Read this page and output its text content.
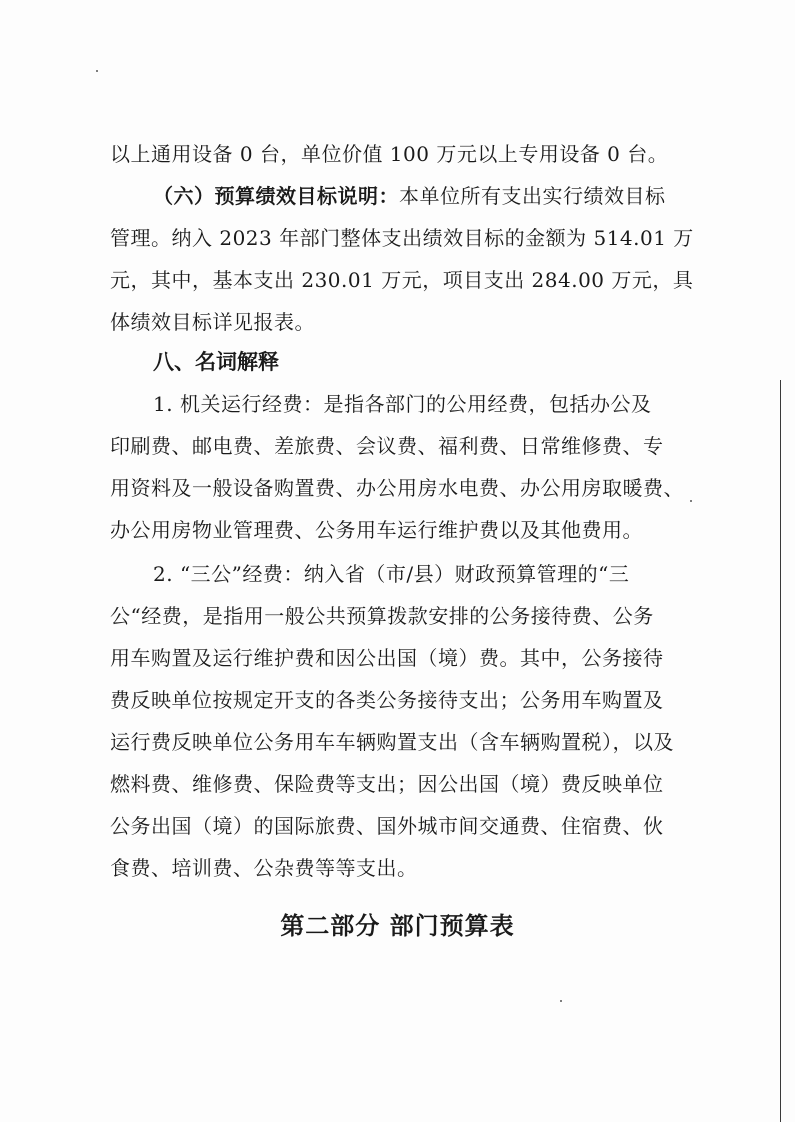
以上通用设备 0 台，单位价值 100 万元以上专用设备 0 台。
（六）预算绩效目标说明：本单位所有支出实行绩效目标
管理。纳入 2023 年部门整体支出绩效目标的金额为 514.01 万
元，其中，基本支出 230.01 万元，项目支出 284.00 万元，具
体绩效目标详见报表。
八、名词解释
1. 机关运行经费：是指各部门的公用经费，包括办公及
印刷费、邮电费、差旅费、会议费、福利费、日常维修费、专
用资料及一般设备购置费、办公用房水电费、办公用房取暖费、
办公用房物业管理费、公务用车运行维护费以及其他费用。
2. “三公”经费：纳入省（市/县）财政预算管理的“三
公“经费，是指用一般公共预算拨款安排的公务接待费、公务
用车购置及运行维护费和因公出国（境）费。其中，公务接待
费反映单位按规定开支的各类公务接待支出；公务用车购置及
运行费反映单位公务用车车辆购置支出（含车辆购置税），以及
燃料费、维修费、保险费等支出；因公出国（境）费反映单位
公务出国（境）的国际旅费、国外城市间交通费、住宿费、伙
食费、培训费、公杂费等等支出。
第二部分 部门预算表
